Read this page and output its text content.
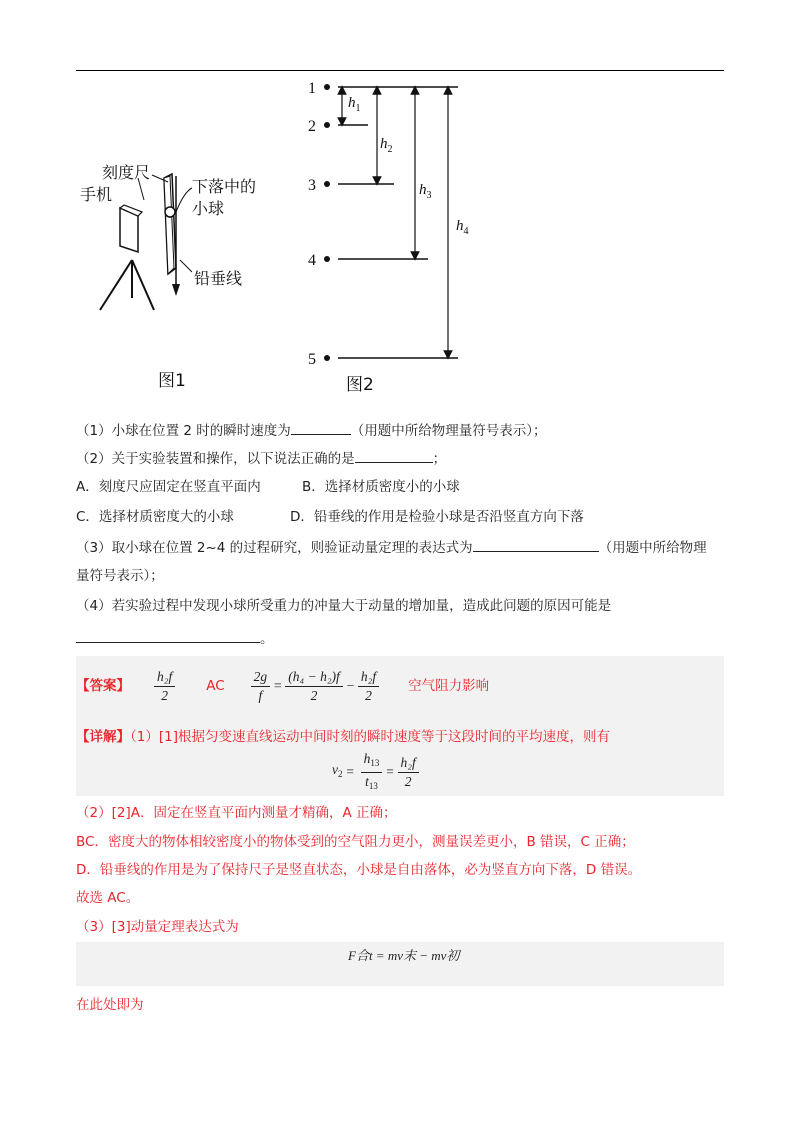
刻度尺
手机	下落中的
小球
铅垂线
图1
1
2
3
4
5
$h_1$
$h_2$
$h_3$
$h_4$
图2
（1）小球在位置 2 时的瞬时速度为	（用题中所给物理量符号表示）；
（2）关于实验装置和操作，以下说法正确的是	；
A．刻度尺应固定在竖直平面内	B．选择材质密度小的小球
C．选择材质密度大的小球	D．铅垂线的作用是检验小球是否沿竖直方向下落
（3）取小球在位置 2~4 的过程研究，则验证动量定理的表达式为	（用题中所给物理
量符号表示）；
（4）若实验过程中发现小球所受重力的冲量大于动量的增加量，造成此问题的原因可能是
。
【答案】 $\frac{\text{h₂f}}{2}$ AC $\frac{2g}{f} = \frac{\text{(h₄ − h₂)f}}{2} - \frac{\text{h₂f}}{2}$ 空气阻力影响
【详解】（1）[1]根据匀变速直线运动中间时刻的瞬时速度等于这段时间的平均速度，则有
$v_2 = \frac{h_{13}}{t_{13}} = \frac{\text{h₂f}}{2}$
（2）[2]A．固定在竖直平面内测量才精确，A 正确；
BC．密度大的物体相较密度小的物体受到的空气阻力更小，测量误差更小，B 错误，C 正确；
D．铅垂线的作用是为了保持尺子是竖直状态，小球是自由落体，必为竖直方向下落，D 错误。
故选 AC。
（3）[3]动量定理表达式为
F合t = mv末 − mv初
在此处即为
